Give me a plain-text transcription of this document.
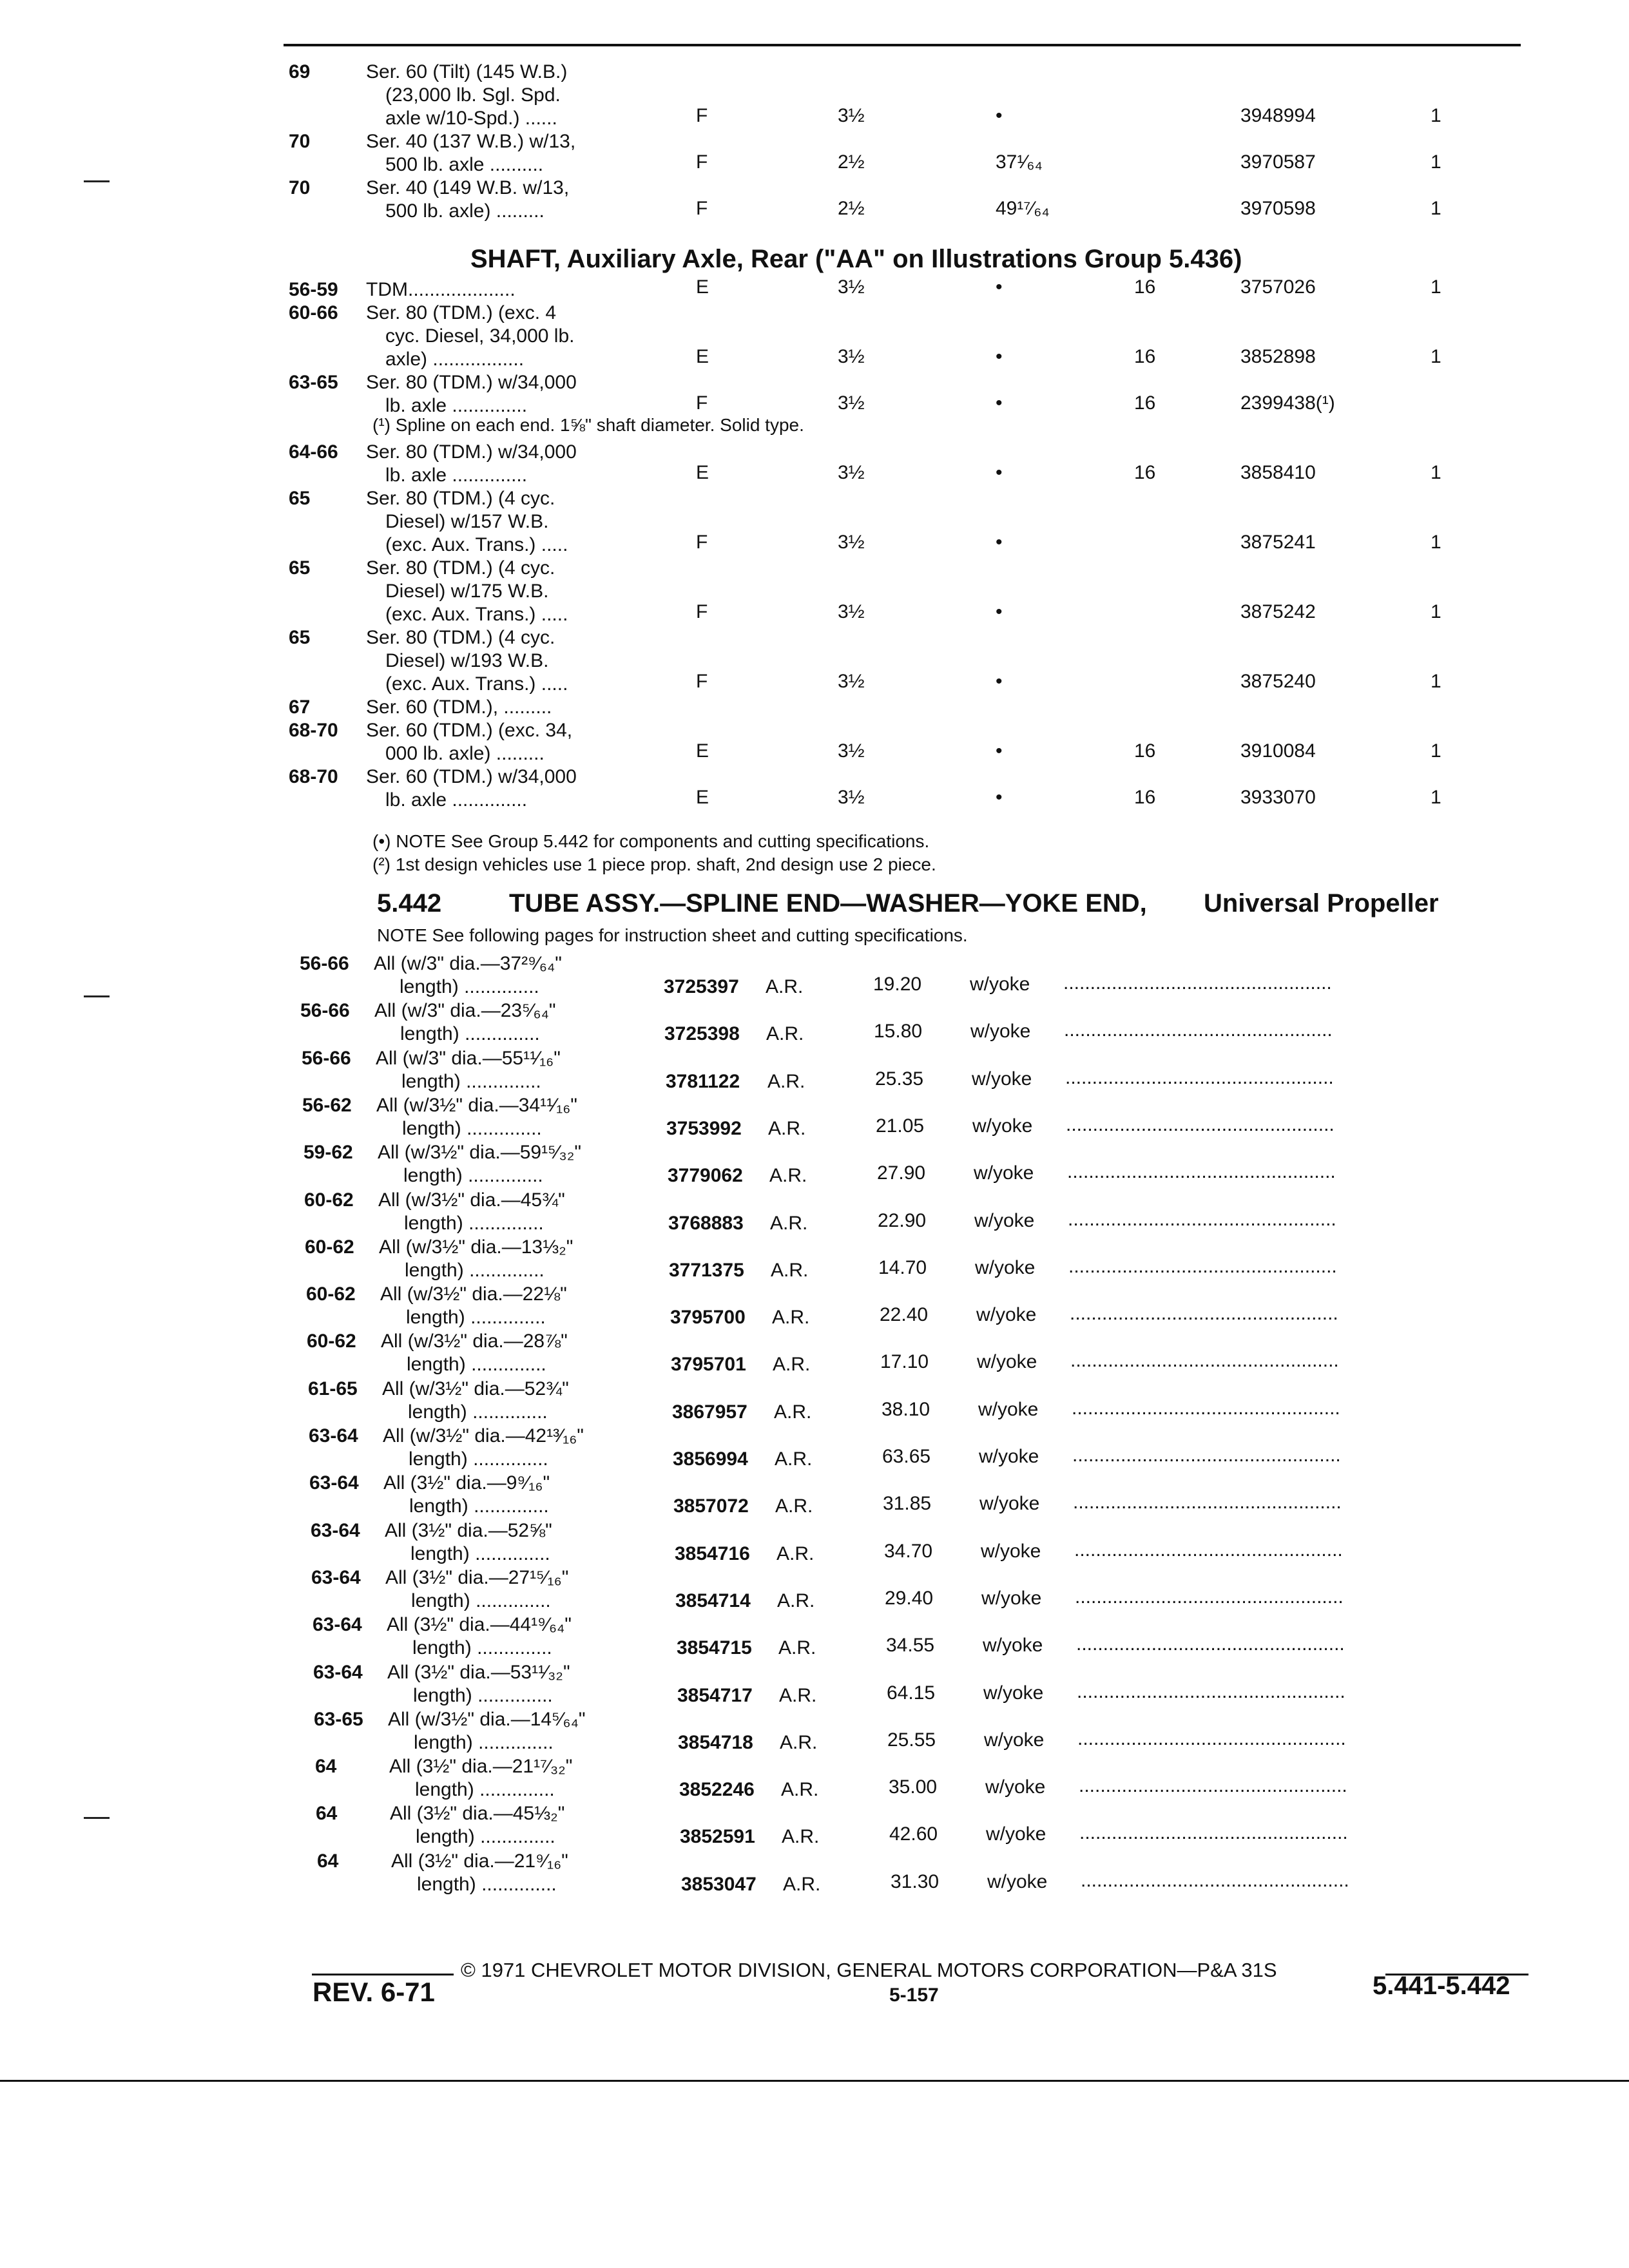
69	Ser. 60 (Tilt) (145 W.B.)
(23,000 lb. Sgl. Spd.
axle w/10-Spd.) ......	F	3½	•	3948994	1
70	Ser. 40 (137 W.B.) w/13,
500 lb. axle ..........	F	2½	37¹⁄₆₄	3970587	1
70	Ser. 40 (149 W.B. w/13,
500 lb. axle) .........	F	2½	49¹⁷⁄₆₄	3970598	1
SHAFT, Auxiliary Axle, Rear ("AA" on Illustrations Group 5.436)
56-59 TDM....................	E	3½	•	16	3757026	1
60-66 Ser. 80 (TDM.) (exc. 4
cyc. Diesel, 34,000 lb.
axle) .................	E	3½	•	16	3852898	1
63-65 Ser. 80 (TDM.) w/34,000
lb. axle ..............	F	3½	•	16	2399438(¹)
(¹) Spline on each end. 1⅝" shaft diameter. Solid type.
64-66 Ser. 80 (TDM.) w/34,000
lb. axle ..............	E	3½	•	16	3858410	1
65	Ser. 80 (TDM.) (4 cyc.
Diesel) w/157 W.B.
(exc. Aux. Trans.) .....	F	3½	•	3875241	1
65	Ser. 80 (TDM.) (4 cyc.
Diesel) w/175 W.B.
(exc. Aux. Trans.) .....	F	3½	•	3875242	1
65	Ser. 80 (TDM.) (4 cyc.
Diesel) w/193 W.B.
(exc. Aux. Trans.) .....	F	3½	•	3875240	1
67	Ser. 60 (TDM.), .........
68-70 Ser. 60 (TDM.) (exc. 34,
000 lb. axle) .........	E	3½	•	16	3910084	1
68-70 Ser. 60 (TDM.) w/34,000
lb. axle ..............	E	3½	•	16	3933070	1
(•) NOTE See Group 5.442 for components and cutting specifications.
(²) 1st design vehicles use 1 piece prop. shaft, 2nd design use 2 piece.
5.442	TUBE ASSY.—SPLINE END—WASHER—YOKE END, Universal Propeller
NOTE See following pages for instruction sheet and cutting specifications.
56-66 All (w/3" dia.—37²⁹⁄₆₄"
length) ..............	3725397 A.R.	19.20 w/yoke ..................................................
56-66 All (w/3" dia.—23⁵⁄₆₄"
length) ..............	3725398 A.R.	15.80 w/yoke ..................................................
56-66 All (w/3" dia.—55¹¹⁄₁₆"
length) ..............	3781122 A.R.	25.35 w/yoke ..................................................
56-62 All (w/3½" dia.—34¹¹⁄₁₆"
length) ..............	3753992 A.R.	21.05 w/yoke ..................................................
59-62 All (w/3½" dia.—59¹⁵⁄₃₂"
length) ..............	3779062 A.R.	27.90 w/yoke ..................................................
60-62 All (w/3½" dia.—45¾"
length) ..............	3768883 A.R.	22.90 w/yoke ..................................................
60-62 All (w/3½" dia.—13⅓₂"
length) ..............	3771375 A.R.	14.70 w/yoke ..................................................
60-62 All (w/3½" dia.—22⅛"
length) ..............	3795700 A.R.	22.40 w/yoke ..................................................
60-62 All (w/3½" dia.—28⅞"
length) ..............	3795701 A.R.	17.10 w/yoke ..................................................
61-65 All (w/3½" dia.—52¾"
length) ..............	3867957 A.R.	38.10 w/yoke ..................................................
63-64 All (w/3½" dia.—42¹³⁄₁₆"
length) ..............	3856994 A.R.	63.65 w/yoke ..................................................
63-64 All (3½" dia.—9⁹⁄₁₆"
length) ..............	3857072 A.R.	31.85 w/yoke ..................................................
63-64 All (3½" dia.—52⅝"
length) ..............	3854716 A.R.	34.70 w/yoke ..................................................
63-64 All (3½" dia.—27¹⁵⁄₁₆"
length) ..............	3854714 A.R.	29.40 w/yoke ..................................................
63-64 All (3½" dia.—44¹⁹⁄₆₄"
length) ..............	3854715 A.R.	34.55 w/yoke ..................................................
63-64 All (3½" dia.—53¹¹⁄₃₂"
length) ..............	3854717 A.R.	64.15 w/yoke ..................................................
63-65 All (w/3½" dia.—14⁵⁄₆₄"
length) ..............	3854718 A.R.	25.55 w/yoke ..................................................
64	All (3½" dia.—21¹⁷⁄₃₂"
length) ..............	3852246 A.R.	35.00 w/yoke ..................................................
64	All (3½" dia.—45⅓₂"
length) ..............	3852591 A.R.	42.60 w/yoke ..................................................
64	All (3½" dia.—21⁹⁄₁₆"
length) ..............	3853047 A.R.	31.30 w/yoke ..................................................
© 1971 CHEVROLET MOTOR DIVISION, GENERAL MOTORS CORPORATION—P&A 31S
REV. 6-71	5-157	5.441-5.442
